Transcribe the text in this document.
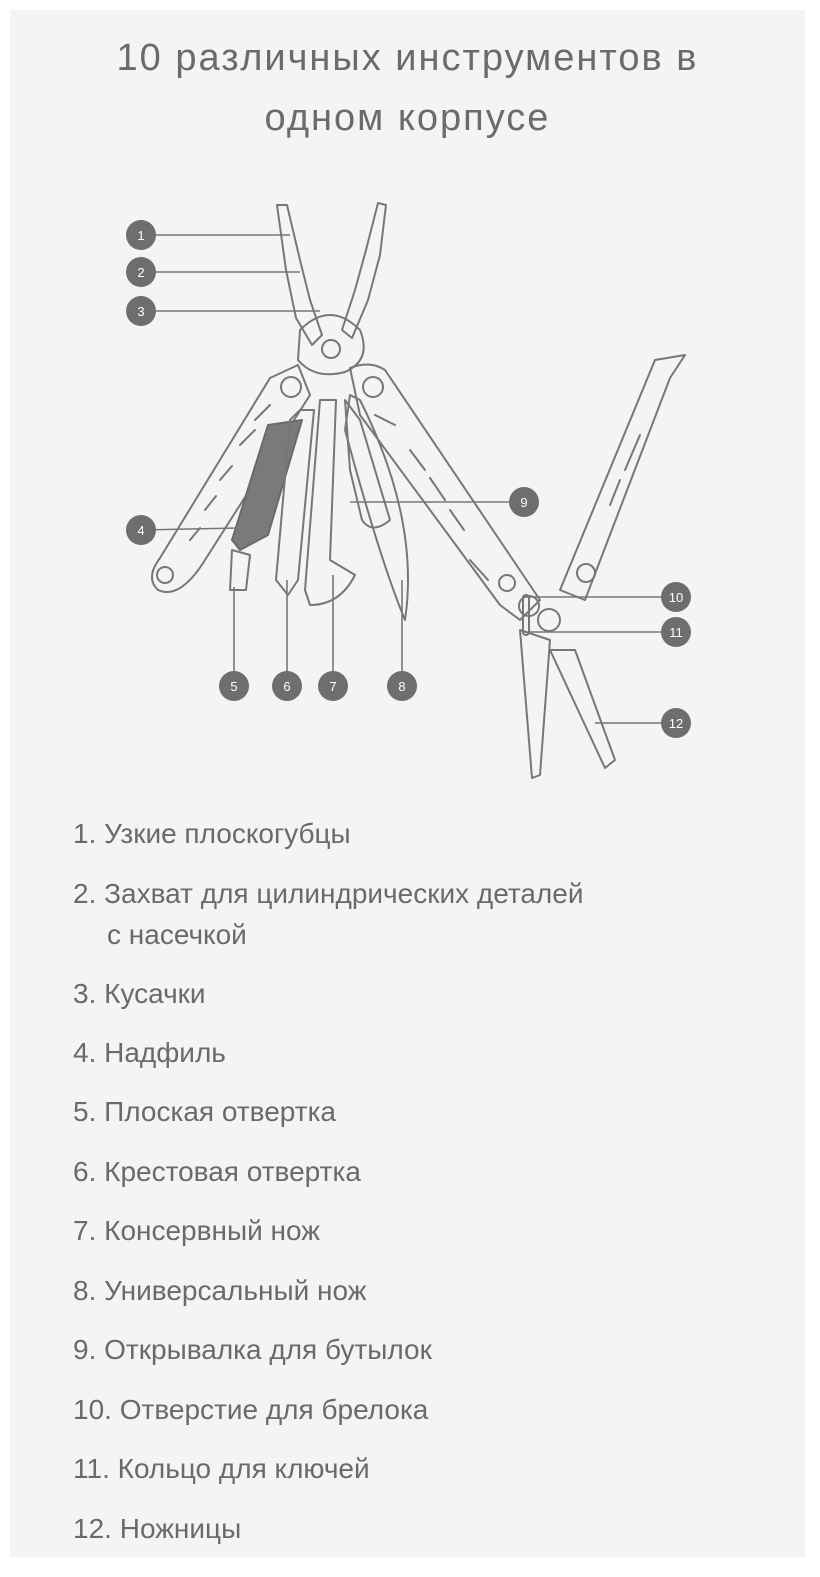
10 различных инструментов в
одном корпусе
1
2
3
4
5	6	7	8
9
10
11
12
1. Узкие плоскогубцы
2. Захват для цилиндрических деталей
с насечкой
3. Кусачки
4. Надфиль
5. Плоская отвертка
6. Крестовая отвертка
7. Консервный нож
8. Универсальный нож
9. Открывалка для бутылок
10. Отверстие для брелока
11. Кольцо для ключей
12. Ножницы
